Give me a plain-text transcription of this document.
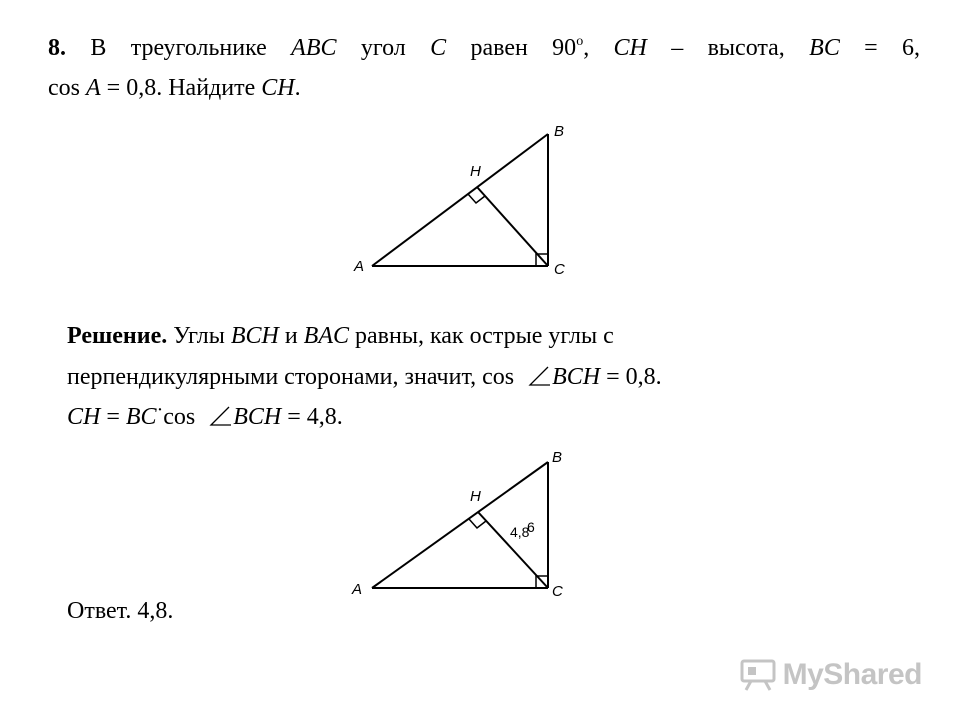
8. В треугольнике ABC угол C равен 90$^o$, CH – высота, BC = 6,
cos A = 0,8. Найдите CH.
A
B
C
H
Решение. Углы BCH и BAC равны, как острые углы с
перпендикулярными сторонами, значит, cos BCH = 0,8.
CH = BC·cos BCH = 4,8.
A
B
C
H
4,8
6
Ответ. 4,8.
MyShared
